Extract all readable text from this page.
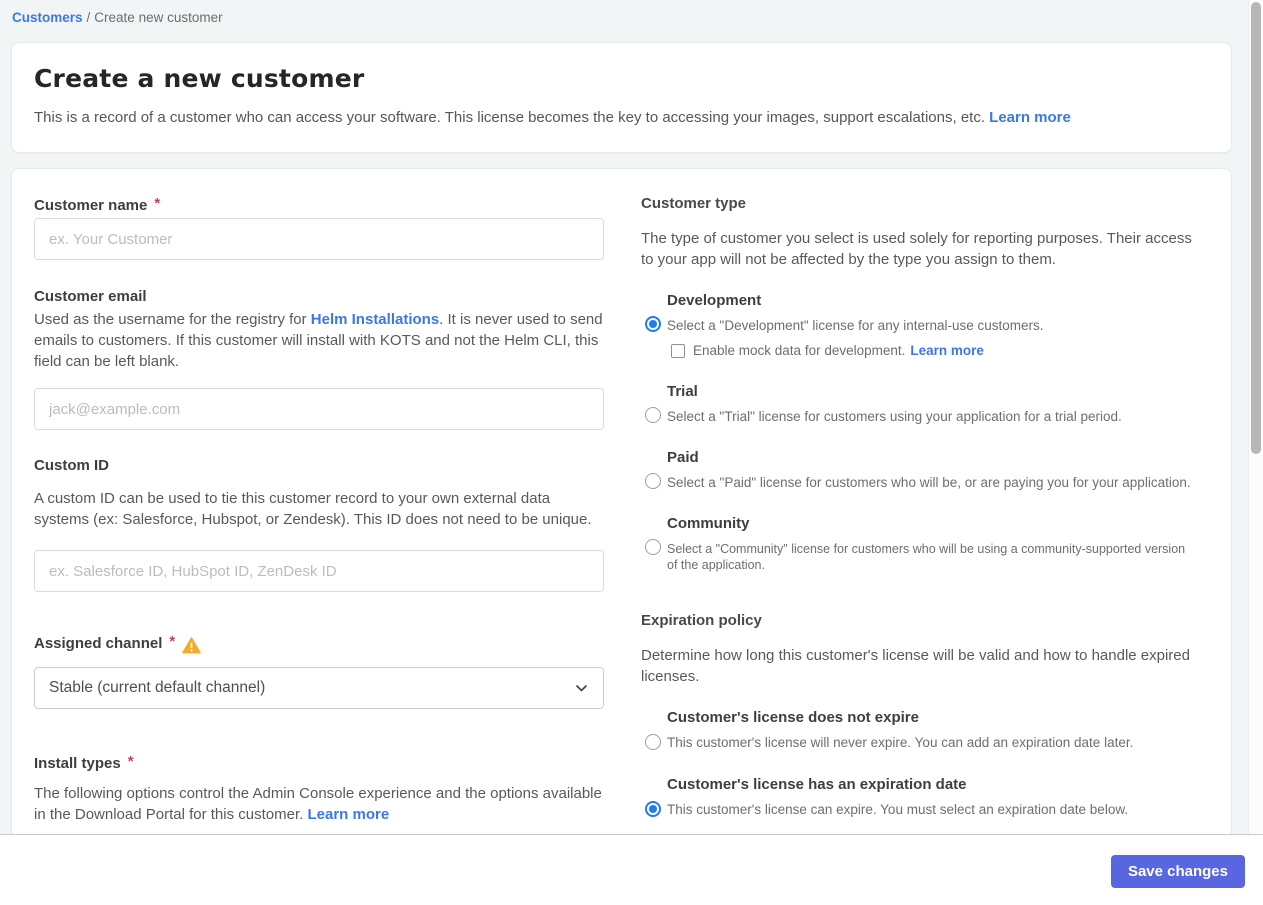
Customers / Create new customer
Create a new customer
This is a record of a customer who can access your software. This license becomes the key to accessing your images, support escalations, etc. Learn more
Customer name *
ex. Your Customer
Customer email

Used as the username for the registry for Helm Installations. It is never used to send emails to customers. If this customer will install with KOTS and not the Helm CLI, this field can be left blank.

jack@example.com
Custom ID

A custom ID can be used to tie this customer record to your own external data systems (ex: Salesforce, Hubspot, or Zendesk). This ID does not need to be unique.

ex. Salesforce ID, HubSpot ID, ZenDesk ID
Assigned channel *
Stable (current default channel)
Install types *

The following options control the Admin Console experience and the options available in the Download Portal for this customer. Learn more

Customer type

The type of customer you select is used solely for reporting purposes. Their access to your app will not be affected by the type you assign to them.

Development
Select a "Development" license for any internal-use customers.
Enable mock data for development. Learn more
Trial
Select a "Trial" license for customers using your application for a trial period.
Paid
Select a "Paid" license for customers who will be, or are paying you for your application.
Community
Select a "Community" license for customers who will be using a community-supported version of the application.
Expiration policy

Determine how long this customer's license will be valid and how to handle expired licenses.

Customer's license does not expire
This customer's license will never expire. You can add an expiration date later.
Customer's license has an expiration date
This customer's license can expire. You must select an expiration date below.
Save changes
